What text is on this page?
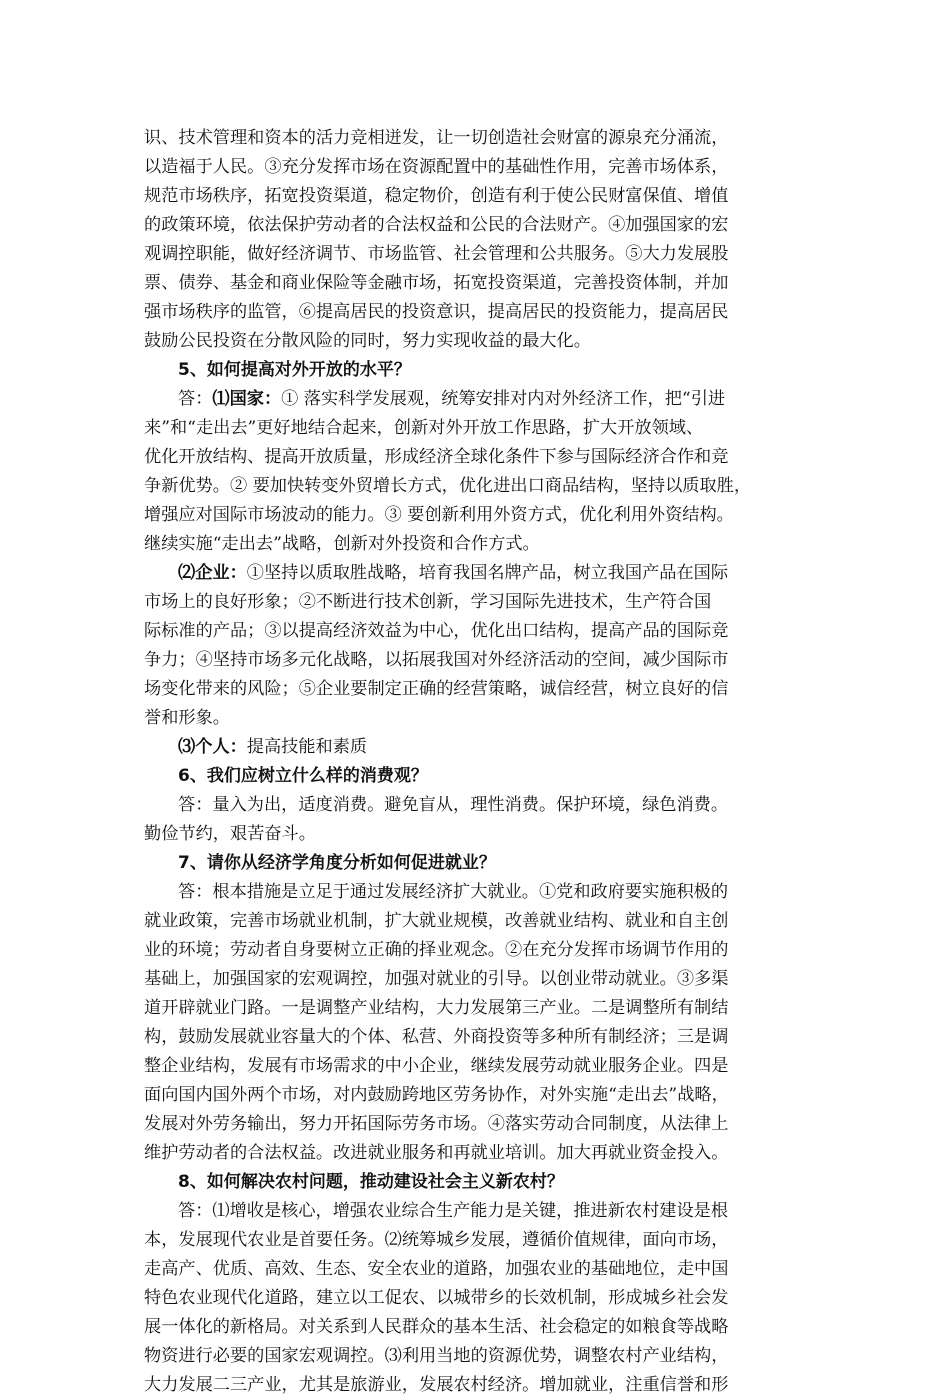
识、技术管理和资本的活力竞相迸发，让一切创造社会财富的源泉充分涌流，
以造福于人民。③充分发挥市场在资源配置中的基础性作用，完善市场体系，
规范市场秩序，拓宽投资渠道，稳定物价，创造有利于使公民财富保值、增值
的政策环境，依法保护劳动者的合法权益和公民的合法财产。④加强国家的宏
观调控职能，做好经济调节、市场监管、社会管理和公共服务。⑤大力发展股
票、债券、基金和商业保险等金融市场，拓宽投资渠道，完善投资体制，并加
强市场秩序的监管，⑥提高居民的投资意识，提高居民的投资能力，提高居民
鼓励公民投资在分散风险的同时，努力实现收益的最大化。
5、如何提高对外开放的水平？
答：⑴国家：① 落实科学发展观，统筹安排对内对外经济工作，把“引进
来”和“走出去”更好地结合起来，创新对外开放工作思路，扩大开放领域、
优化开放结构、提高开放质量，形成经济全球化条件下参与国际经济合作和竞
争新优势。② 要加快转变外贸增长方式，优化进出口商品结构，坚持以质取胜，
增强应对国际市场波动的能力。③ 要创新利用外资方式，优化利用外资结构。
继续实施“走出去”战略，创新对外投资和合作方式。
⑵企业：①坚持以质取胜战略，培育我国名牌产品，树立我国产品在国际
市场上的良好形象；②不断进行技术创新，学习国际先进技术，生产符合国
际标准的产品；③以提高经济效益为中心，优化出口结构，提高产品的国际竞
争力；④坚持市场多元化战略，以拓展我国对外经济活动的空间，减少国际市
场变化带来的风险；⑤企业要制定正确的经营策略，诚信经营，树立良好的信
誉和形象。
⑶个人：提高技能和素质
6、我们应树立什么样的消费观？
答：量入为出，适度消费。避免盲从，理性消费。保护环境，绿色消费。
勤俭节约，艰苦奋斗。
7、请你从经济学角度分析如何促进就业？
答：根本措施是立足于通过发展经济扩大就业。①党和政府要实施积极的
就业政策，完善市场就业机制，扩大就业规模，改善就业结构、就业和自主创
业的环境；劳动者自身要树立正确的择业观念。②在充分发挥市场调节作用的
基础上，加强国家的宏观调控，加强对就业的引导。以创业带动就业。③多渠
道开辟就业门路。一是调整产业结构，大力发展第三产业。二是调整所有制结
构，鼓励发展就业容量大的个体、私营、外商投资等多种所有制经济；三是调
整企业结构，发展有市场需求的中小企业，继续发展劳动就业服务企业。四是
面向国内国外两个市场，对内鼓励跨地区劳务协作，对外实施“走出去”战略，
发展对外劳务输出，努力开拓国际劳务市场。④落实劳动合同制度，从法律上
维护劳动者的合法权益。改进就业服务和再就业培训。加大再就业资金投入。
8、如何解决农村问题，推动建设社会主义新农村？
答：⑴增收是核心，增强农业综合生产能力是关键，推进新农村建设是根
本，发展现代农业是首要任务。⑵统筹城乡发展，遵循价值规律，面向市场，
走高产、优质、高效、生态、安全农业的道路，加强农业的基础地位，走中国
特色农业现代化道路，建立以工促农、以城带乡的长效机制，形成城乡社会发
展一体化的新格局。对关系到人民群众的基本生活、社会稳定的如粮食等战略
物资进行必要的国家宏观调控。⑶利用当地的资源优势，调整农村产业结构，
大力发展二三产业，尤其是旅游业，发展农村经济。增加就业，注重信誉和形
